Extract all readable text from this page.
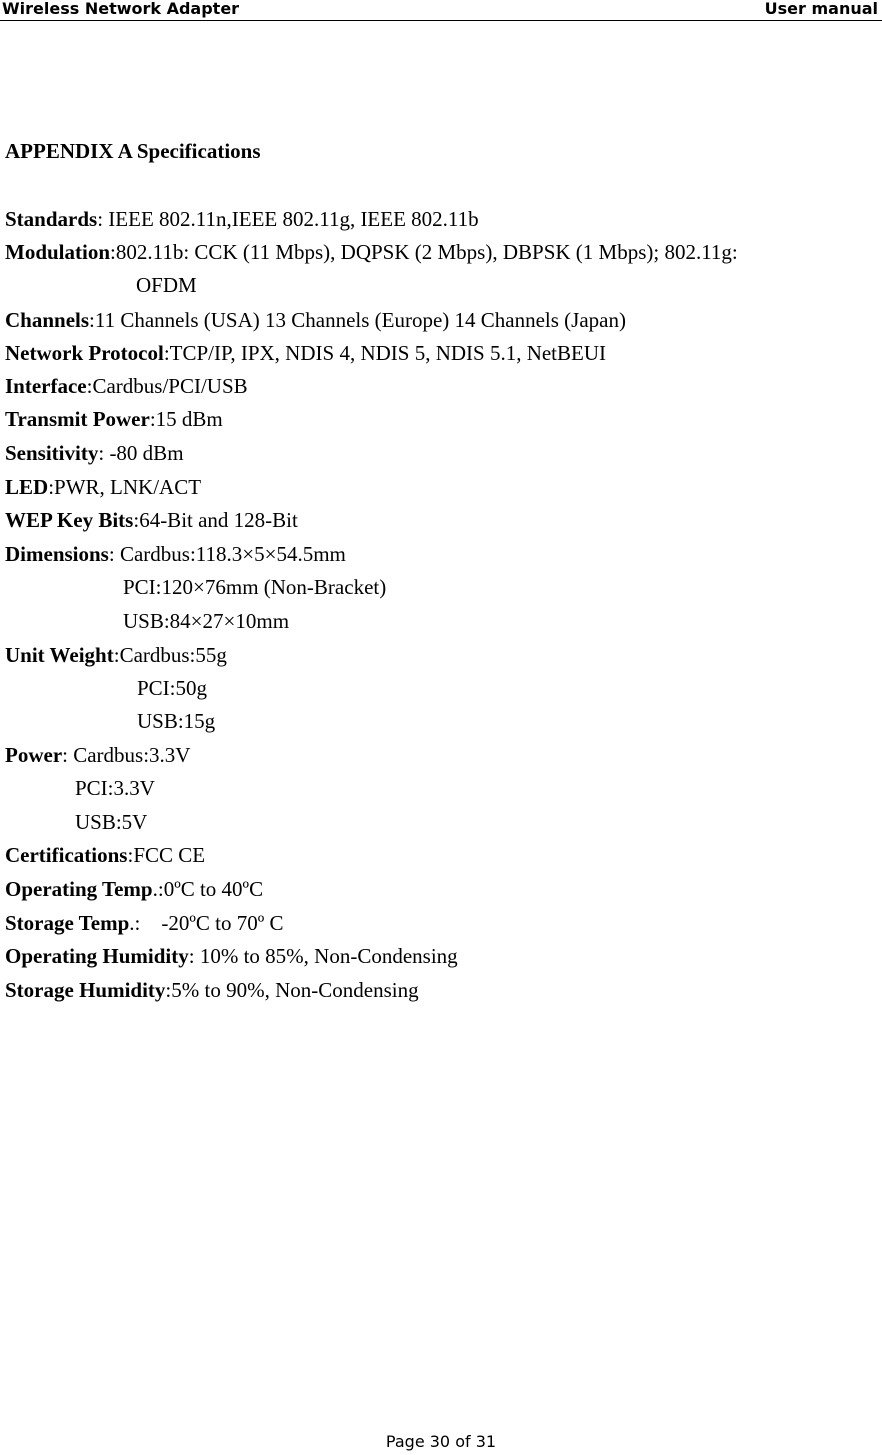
Wireless Network Adapter	User manual
APPENDIX A Specifications
Standards: IEEE 802.11n,IEEE 802.11g, IEEE 802.11b
Modulation:802.11b: CCK (11 Mbps), DQPSK (2 Mbps), DBPSK (1 Mbps); 802.11g:
OFDM
Channels:11 Channels (USA) 13 Channels (Europe) 14 Channels (Japan)
Network Protocol:TCP/IP, IPX, NDIS 4, NDIS 5, NDIS 5.1, NetBEUI
Interface:Cardbus/PCI/USB
Transmit Power:15 dBm
Sensitivity: -80 dBm
LED:PWR, LNK/ACT
WEP Key Bits:64-Bit and 128-Bit
Dimensions: Cardbus:118.3×5×54.5mm
PCI:120×76mm (Non-Bracket)
USB:84×27×10mm
Unit Weight:Cardbus:55g
PCI:50g
USB:15g
Power: Cardbus:3.3V
PCI:3.3V
USB:5V
Certifications:FCC CE
Operating Temp.:0ºC to 40ºC
Storage Temp.:    -20ºC to 70º C
Operating Humidity: 10% to 85%, Non-Condensing
Storage Humidity:5% to 90%, Non-Condensing
Page 30 of 31
